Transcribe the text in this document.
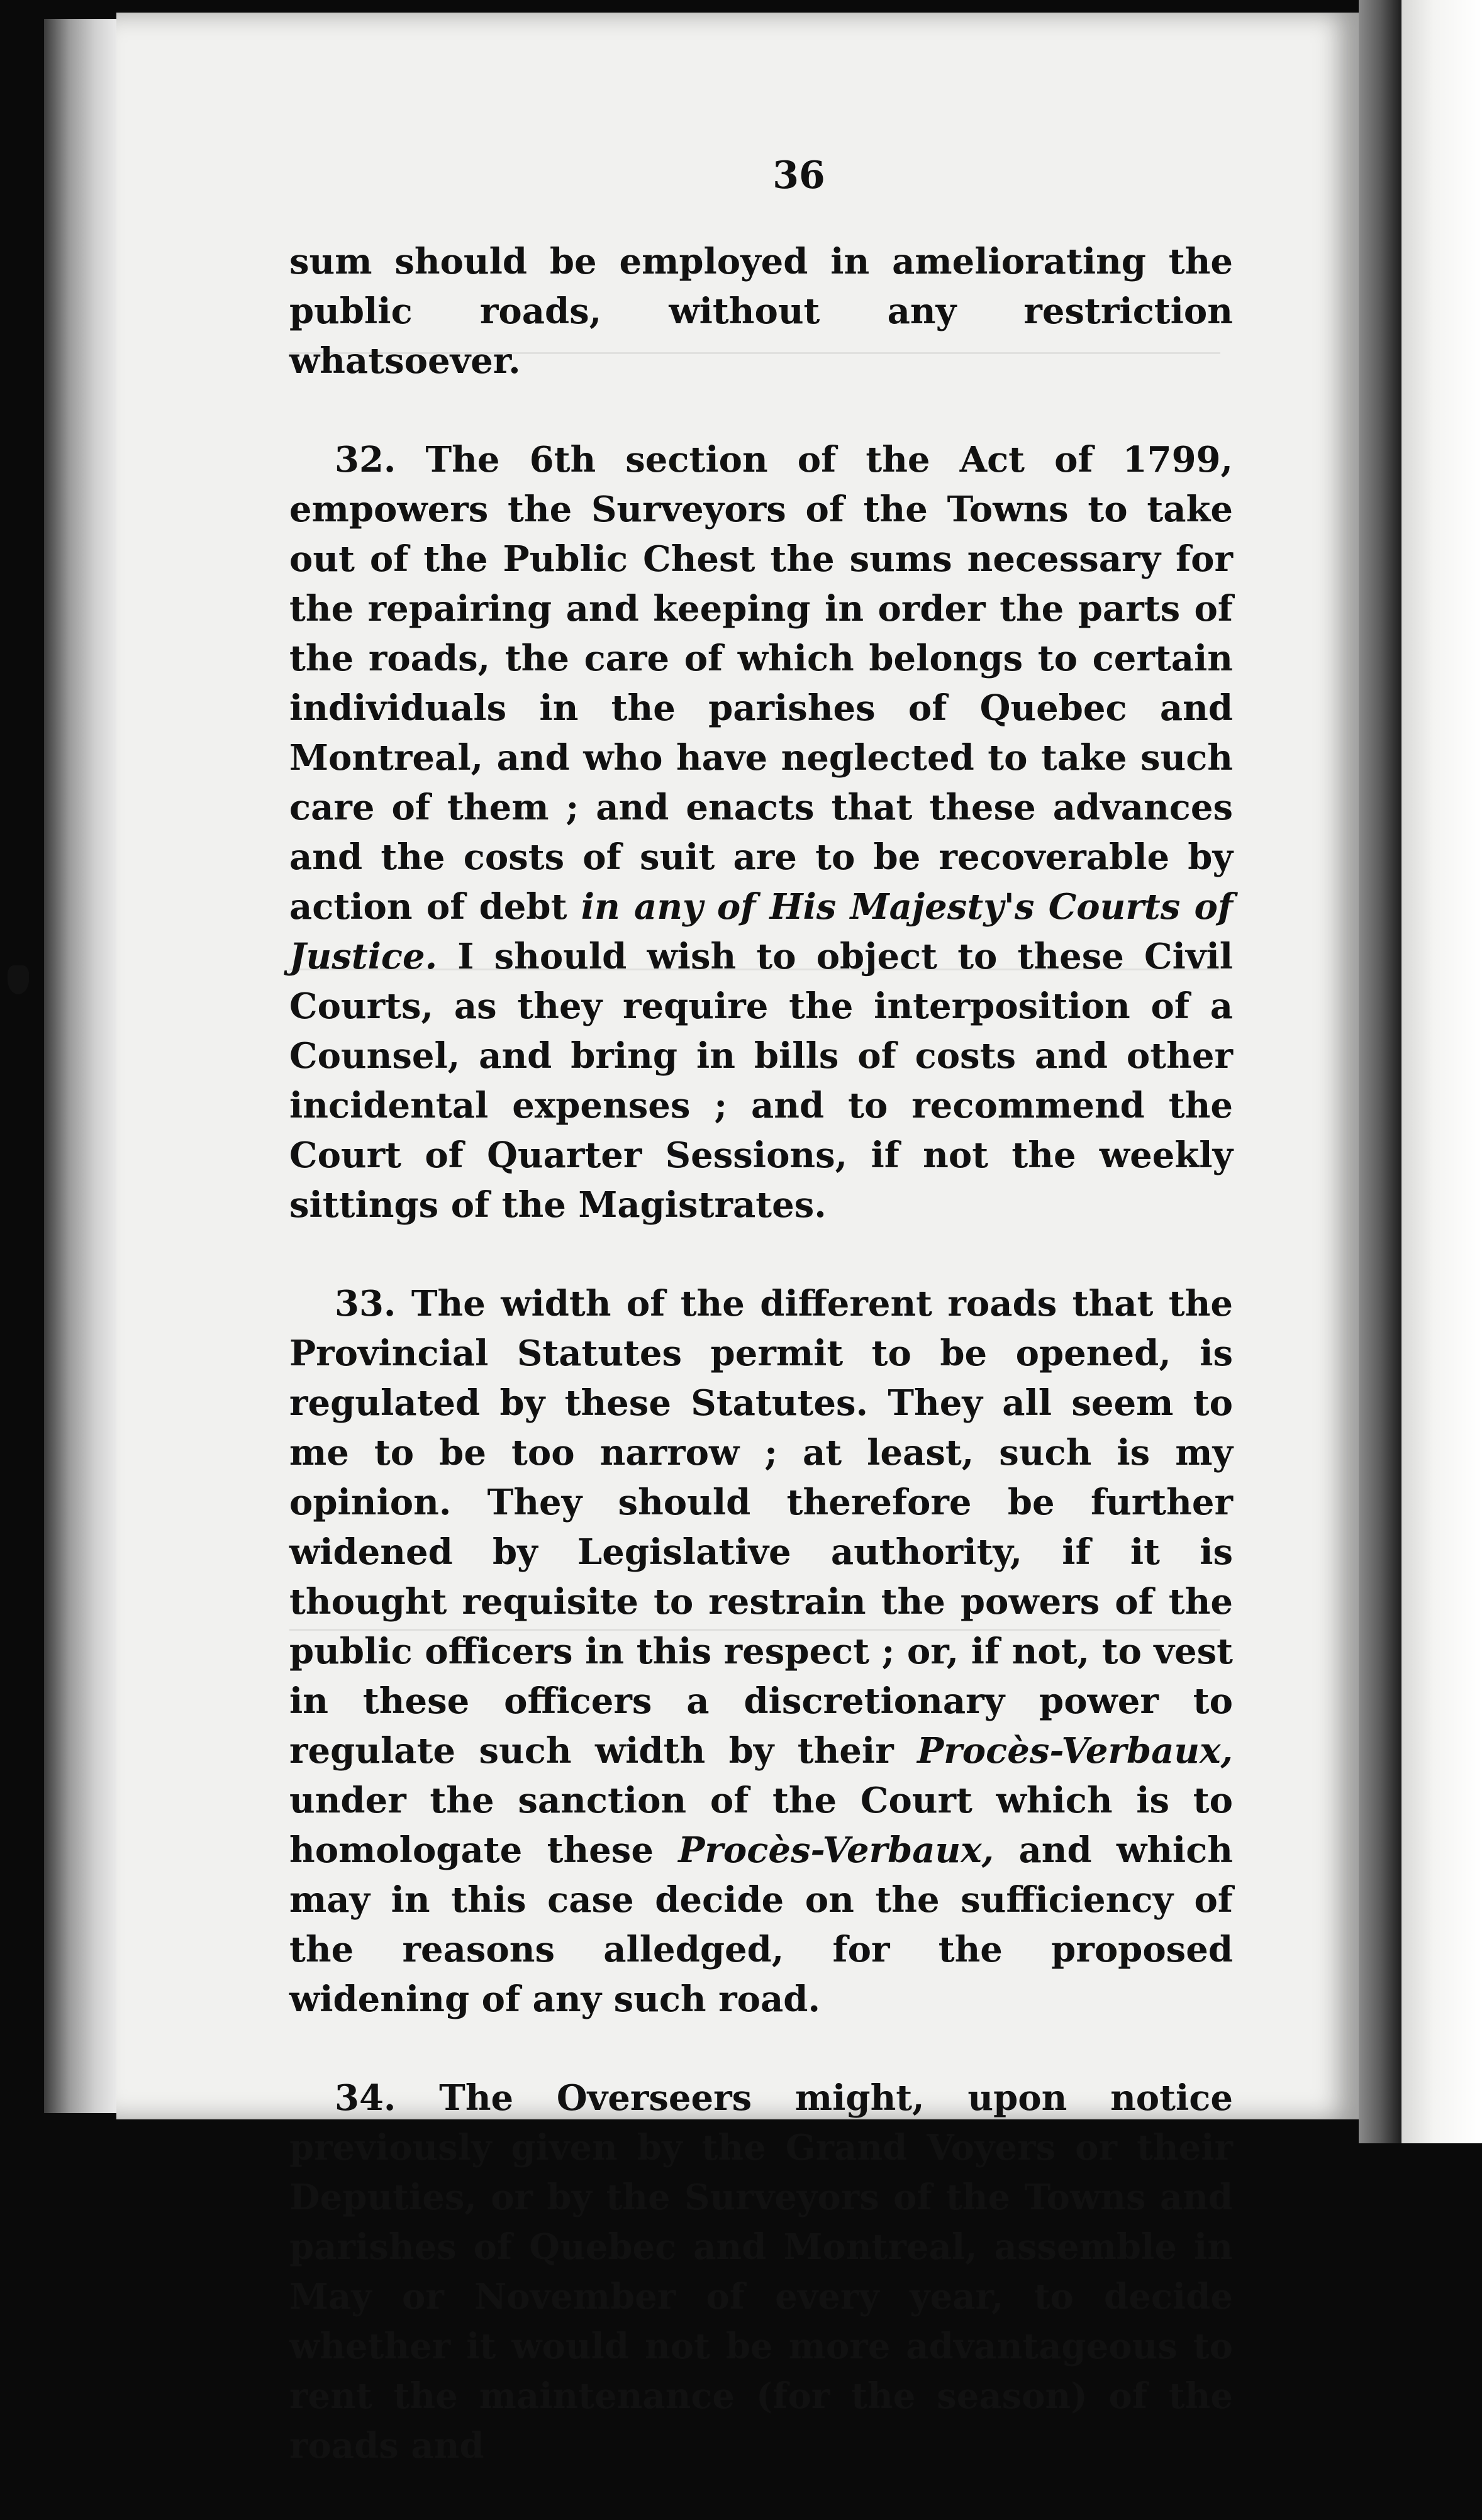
36

sum should be employed in ameliorating the public roads, without any restriction whatsoever.

32. The 6th section of the Act of 1799, empowers the Surveyors of the Towns to take out of the Public Chest the sums necessary for the repairing and keeping in order the parts of the roads, the care of which belongs to certain individuals in the parishes of Quebec and Montreal, and who have neglected to take such care of them ; and enacts that these advances and the costs of suit are to be recoverable by action of debt in any of His Majesty's Courts of Justice. I should wish to object to these Civil Courts, as they require the interposition of a Counsel, and bring in bills of costs and other incidental expenses ; and to recommend the Court of Quarter Sessions, if not the weekly sittings of the Magistrates.

33. The width of the different roads that the Provincial Statutes permit to be opened, is regulated by these Statutes. They all seem to me to be too narrow ; at least, such is my opinion. They should therefore be further widened by Legislative authority, if it is thought requisite to restrain the powers of the public officers in this respect ; or, if not, to vest in these officers a discretionary power to regulate such width by their Procès-Verbaux, under the sanction of the Court which is to homologate these Procès-Verbaux, and which may in this case decide on the sufficiency of the reasons alledged, for the proposed widening of any such road.

34. The Overseers might, upon notice previously given by the Grand Voyers or their Deputies, or by the Surveyors of the Towns and parishes of Quebec and Montreal, assemble in May or November of every year, to decide whether it would not be more advantageous to rent the maintenance (for the season) of the roads and
